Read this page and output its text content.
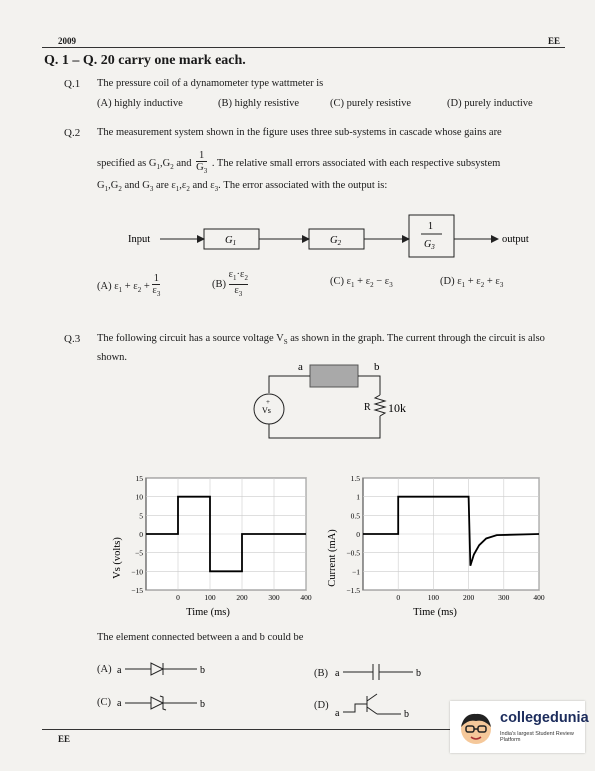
2009	EE
Q. 1 – Q. 20 carry one mark each.
Q.1 The pressure coil of a dynamometer type wattmeter is
(A) highly inductive	(B) highly resistive	(C) purely resistive	(D) purely inductive
Q.2 The measurement system shown in the figure uses three sub-systems in cascade whose gains are
specified as $G_1,G_2$ and $\frac{1}{G_3}$ . The relative small errors associated with each respective subsystem
$G_1,G_2$ and $G_3$ are $\varepsilon_1,\varepsilon_2$ and $\varepsilon_3$. The error associated with the output is:
Input	G1	G2
1
$G_3$
output
(A) $\varepsilon_1 + \varepsilon_2 + \frac{1}{\varepsilon_3}$	$(B) \frac{\varepsilon_1\cdot\varepsilon_2}{\varepsilon_3}$	(C) $\varepsilon_1 + \varepsilon_2 - \varepsilon_3$	(D) $\varepsilon_1 + \varepsilon_2 + \varepsilon_3$
Q.3 The following circuit has a source voltage $V_S$ as shown in the graph. The current through the circuit is also shown.
a	b
Vs
+	R 10k
0	100	200	300	400
15
10
5
0
−5
−10
−15
Time (ms)
Vs (volts)
0	100	200	300	400
1.5
1
0.5
0
−0.5
−1
−1.5
Time (ms)
Current (mA)
The element connected between a and b could be
(A) a	b
(C) a	b
(B) a	b
(D)
a	b
EE
collegedunia
India's largest Student Review Platform
